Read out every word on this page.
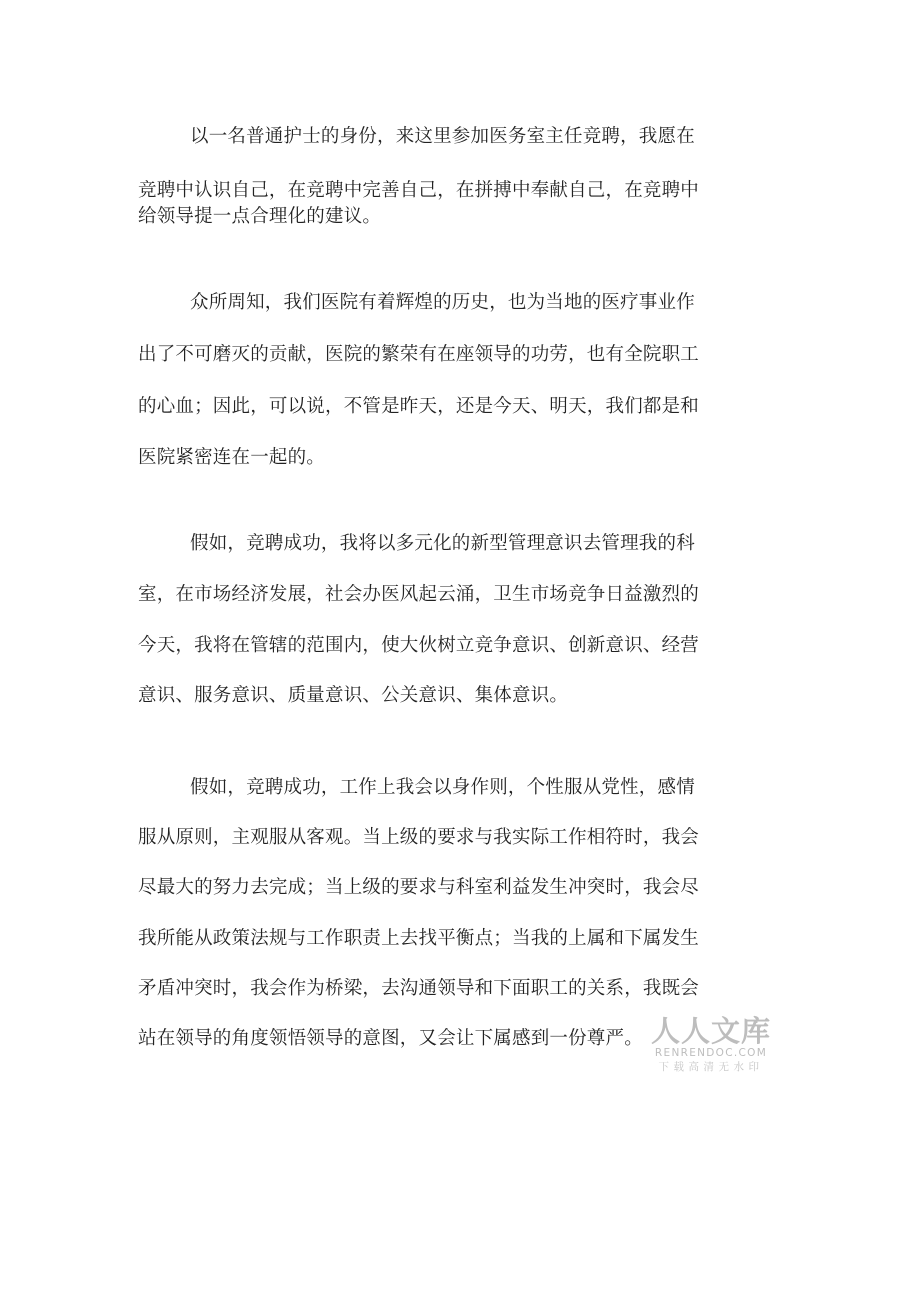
以一名普通护士的身份，来这里参加医务室主任竞聘，我愿在
竞聘中认识自己，在竞聘中完善自己，在拼搏中奉献自己，在竞聘中
给领导提一点合理化的建议。
众所周知，我们医院有着辉煌的历史，也为当地的医疗事业作
出了不可磨灭的贡献，医院的繁荣有在座领导的功劳，也有全院职工
的心血；因此，可以说，不管是昨天，还是今天、明天，我们都是和
医院紧密连在一起的。
假如，竞聘成功，我将以多元化的新型管理意识去管理我的科
室，在市场经济发展，社会办医风起云涌，卫生市场竞争日益激烈的
今天，我将在管辖的范围内，使大伙树立竞争意识、创新意识、经营
意识、服务意识、质量意识、公关意识、集体意识。
假如，竞聘成功，工作上我会以身作则，个性服从党性，感情
服从原则，主观服从客观。当上级的要求与我实际工作相符时，我会
尽最大的努力去完成；当上级的要求与科室利益发生冲突时，我会尽
我所能从政策法规与工作职责上去找平衡点；当我的上属和下属发生
矛盾冲突时，我会作为桥梁，去沟通领导和下面职工的关系，我既会
站在领导的角度领悟领导的意图，又会让下属感到一份尊严。 人人文库
RENRENDOC.COM
下载高清无水印
